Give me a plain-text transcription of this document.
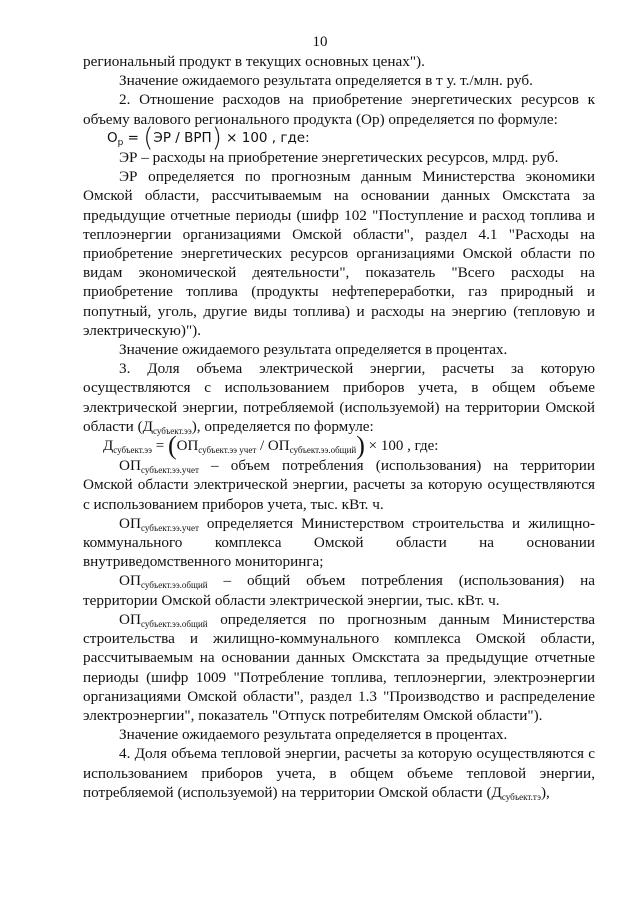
10

региональный продукт в текущих основных ценах").

Значение ожидаемого результата определяется в т у. т./млн. руб.

2. Отношение расходов на приобретение энергетических ресурсов к объему валового регионального продукта (Ор) определяется по формуле:

$О_р = (ЭР / ВРП) \times 100$ , где:

ЭР – расходы на приобретение энергетических ресурсов, млрд. руб.

ЭР определяется по прогнозным данным Министерства экономики Омской области, рассчитываемым на основании данных Омскстата за предыдущие отчетные периоды (шифр 102 "Поступление и расход топлива и теплоэнергии организациями Омской области", раздел 4.1 "Расходы на приобретение энергетических ресурсов организациями Омской области по видам экономической деятельности", показатель "Всего расходы на приобретение топлива (продукты нефтепереработки, газ природный и попутный, уголь, другие виды топлива) и расходы на энергию (тепловую и электрическую)").

Значение ожидаемого результата определяется в процентах.

3. Доля объема электрической энергии, расчеты за которую осуществляются с использованием приборов учета, в общем объеме электрической энергии, потребляемой (используемой) на территории Омской области $(Д_{субъект.ээ})$, определяется по формуле:

$Д_{субъект.ээ} = (ОП_{субъект.ээ учет} / ОП_{субъект.ээ.общий}) \times 100$ , где:

$ОП_{субъект.ээ.учет}$ – объем потребления (использования) на территории Омской области электрической энергии, расчеты за которую осуществляются с использованием приборов учета, тыс. кВт. ч.

$ОП_{субъект.ээ.учет}$ определяется Министерством строительства и жилищно-коммунального комплекса Омской области на основании внутриведомственного мониторинга;

$ОП_{субъект.ээ.общий}$ – общий объем потребления (использования) на территории Омской области электрической энергии, тыс. кВт. ч.

$ОП_{субъект.ээ.общий}$ определяется по прогнозным данным Министерства строительства и жилищно-коммунального комплекса Омской области, рассчитываемым на основании данных Омскстата за предыдущие отчетные периоды (шифр 1009 "Потребление топлива, теплоэнергии, электроэнергии организациями Омской области", раздел 1.3 "Производство и распределение электроэнергии", показатель "Отпуск потребителям Омской области").

Значение ожидаемого результата определяется в процентах.

4. Доля объема тепловой энергии, расчеты за которую осуществляются с использованием приборов учета, в общем объеме тепловой энергии, потребляемой (используемой) на территории Омской области $(Д_{субъект.тэ})$,
